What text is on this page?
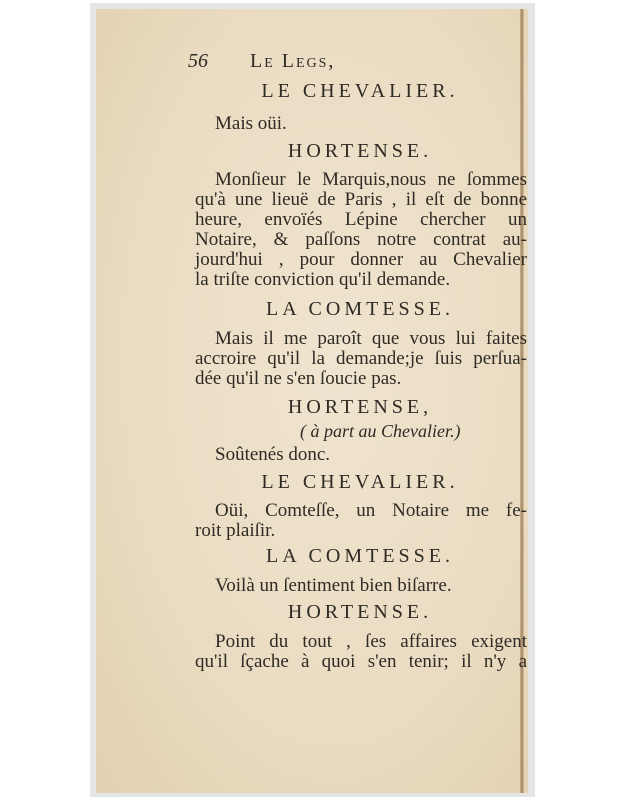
56 Le Legs,
LE CHEVALIER.
Mais oüi.
HORTENSE.
Monſieur le Marquis,nous ne ſommes
qu'à une lieuë de Paris , il eſt de bonne
heure, envoïés Lépine chercher un
Notaire, & paſſons notre contrat au-
jourd'hui , pour donner au Chevalier
la triſte conviction qu'il demande.
LA COMTESSE.
Mais il me paroît que vous lui faites
accroire qu'il la demande;je ſuis perſua-
dée qu'il ne s'en ſoucie pas.
HORTENSE,
( à part au Chevalier.)
Soûtenés donc.
LE CHEVALIER.
Oüi, Comteſſe, un Notaire me fe-
roit plaiſir.
LA COMTESSE.
Voilà un ſentiment bien biſarre.
HORTENSE.
Point du tout , ſes affaires exigent
qu'il ſçache à quoi s'en tenir; il n'y a
